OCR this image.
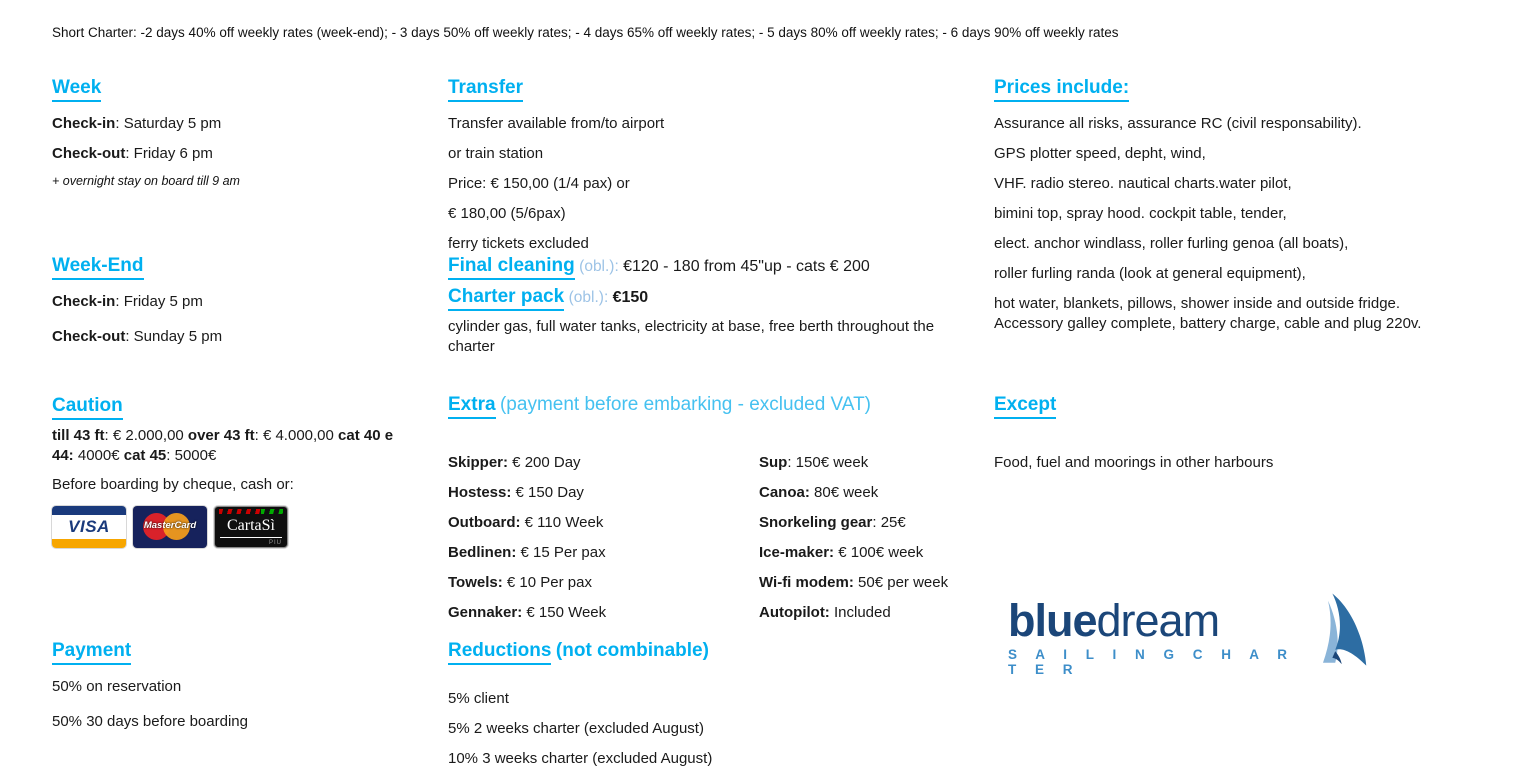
Short Charter: -2 days 40% off weekly rates (week-end); - 3 days 50% off weekly rates; - 4 days 65% off weekly rates; - 5 days 80% off weekly rates; - 6 days 90% off weekly rates
Week
Check-in: Saturday 5 pm
Check-out: Friday 6 pm
+ overnight stay on board till 9 am
Week-End
Check-in: Friday 5 pm
Check-out: Sunday 5 pm
Caution

till 43 ft: € 2.000,00 over 43 ft: € 4.000,00 cat 40 e 44: 4000€ cat 45: 5000€

Before boarding by cheque, cash or:
VISA	MasterCard	CartaSì
PIU
Payment
50% on reservation
50% 30 days before boarding
Transfer
Transfer available from/to airport
or train station
Price: € 150,00 (1/4 pax) or
€ 180,00 (5/6pax)
ferry tickets excluded
Final cleaning (obl.): €120 - 180 from 45"up - cats € 200
Charter pack (obl.): €150

cylinder gas, full water tanks, electricity at base, free berth throughout the charter

Extra (payment before embarking - excluded VAT)
Skipper: € 200 Day	Sup: 150€ week
Hostess: € 150 Day	Canoa: 80€ week
Outboard: € 110 Week	Snorkeling gear: 25€
Bedlinen: € 15 Per pax	Ice-maker: € 100€ week
Towels: € 10 Per pax	Wi-fi modem: 50€ per week
Gennaker: € 150 Week	Autopilot: Included
Reductions (not combinable)
5% client
5% 2 weeks charter (excluded August)
10% 3 weeks charter (excluded August)
Prices include:
Assurance all risks, assurance RC (civil responsability).
GPS plotter speed, depht, wind,
VHF. radio stereo. nautical charts.water pilot,
bimini top, spray hood. cockpit table, tender,
elect. anchor windlass, roller furling genoa (all boats),
roller furling randa (look at general equipment),

hot water, blankets, pillows, shower inside and outside fridge. Accessory galley complete, battery charge, cable and plug 220v.

Except
Food, fuel and moorings in other harbours
bluedream
S A I L I N G C H A R T E R
